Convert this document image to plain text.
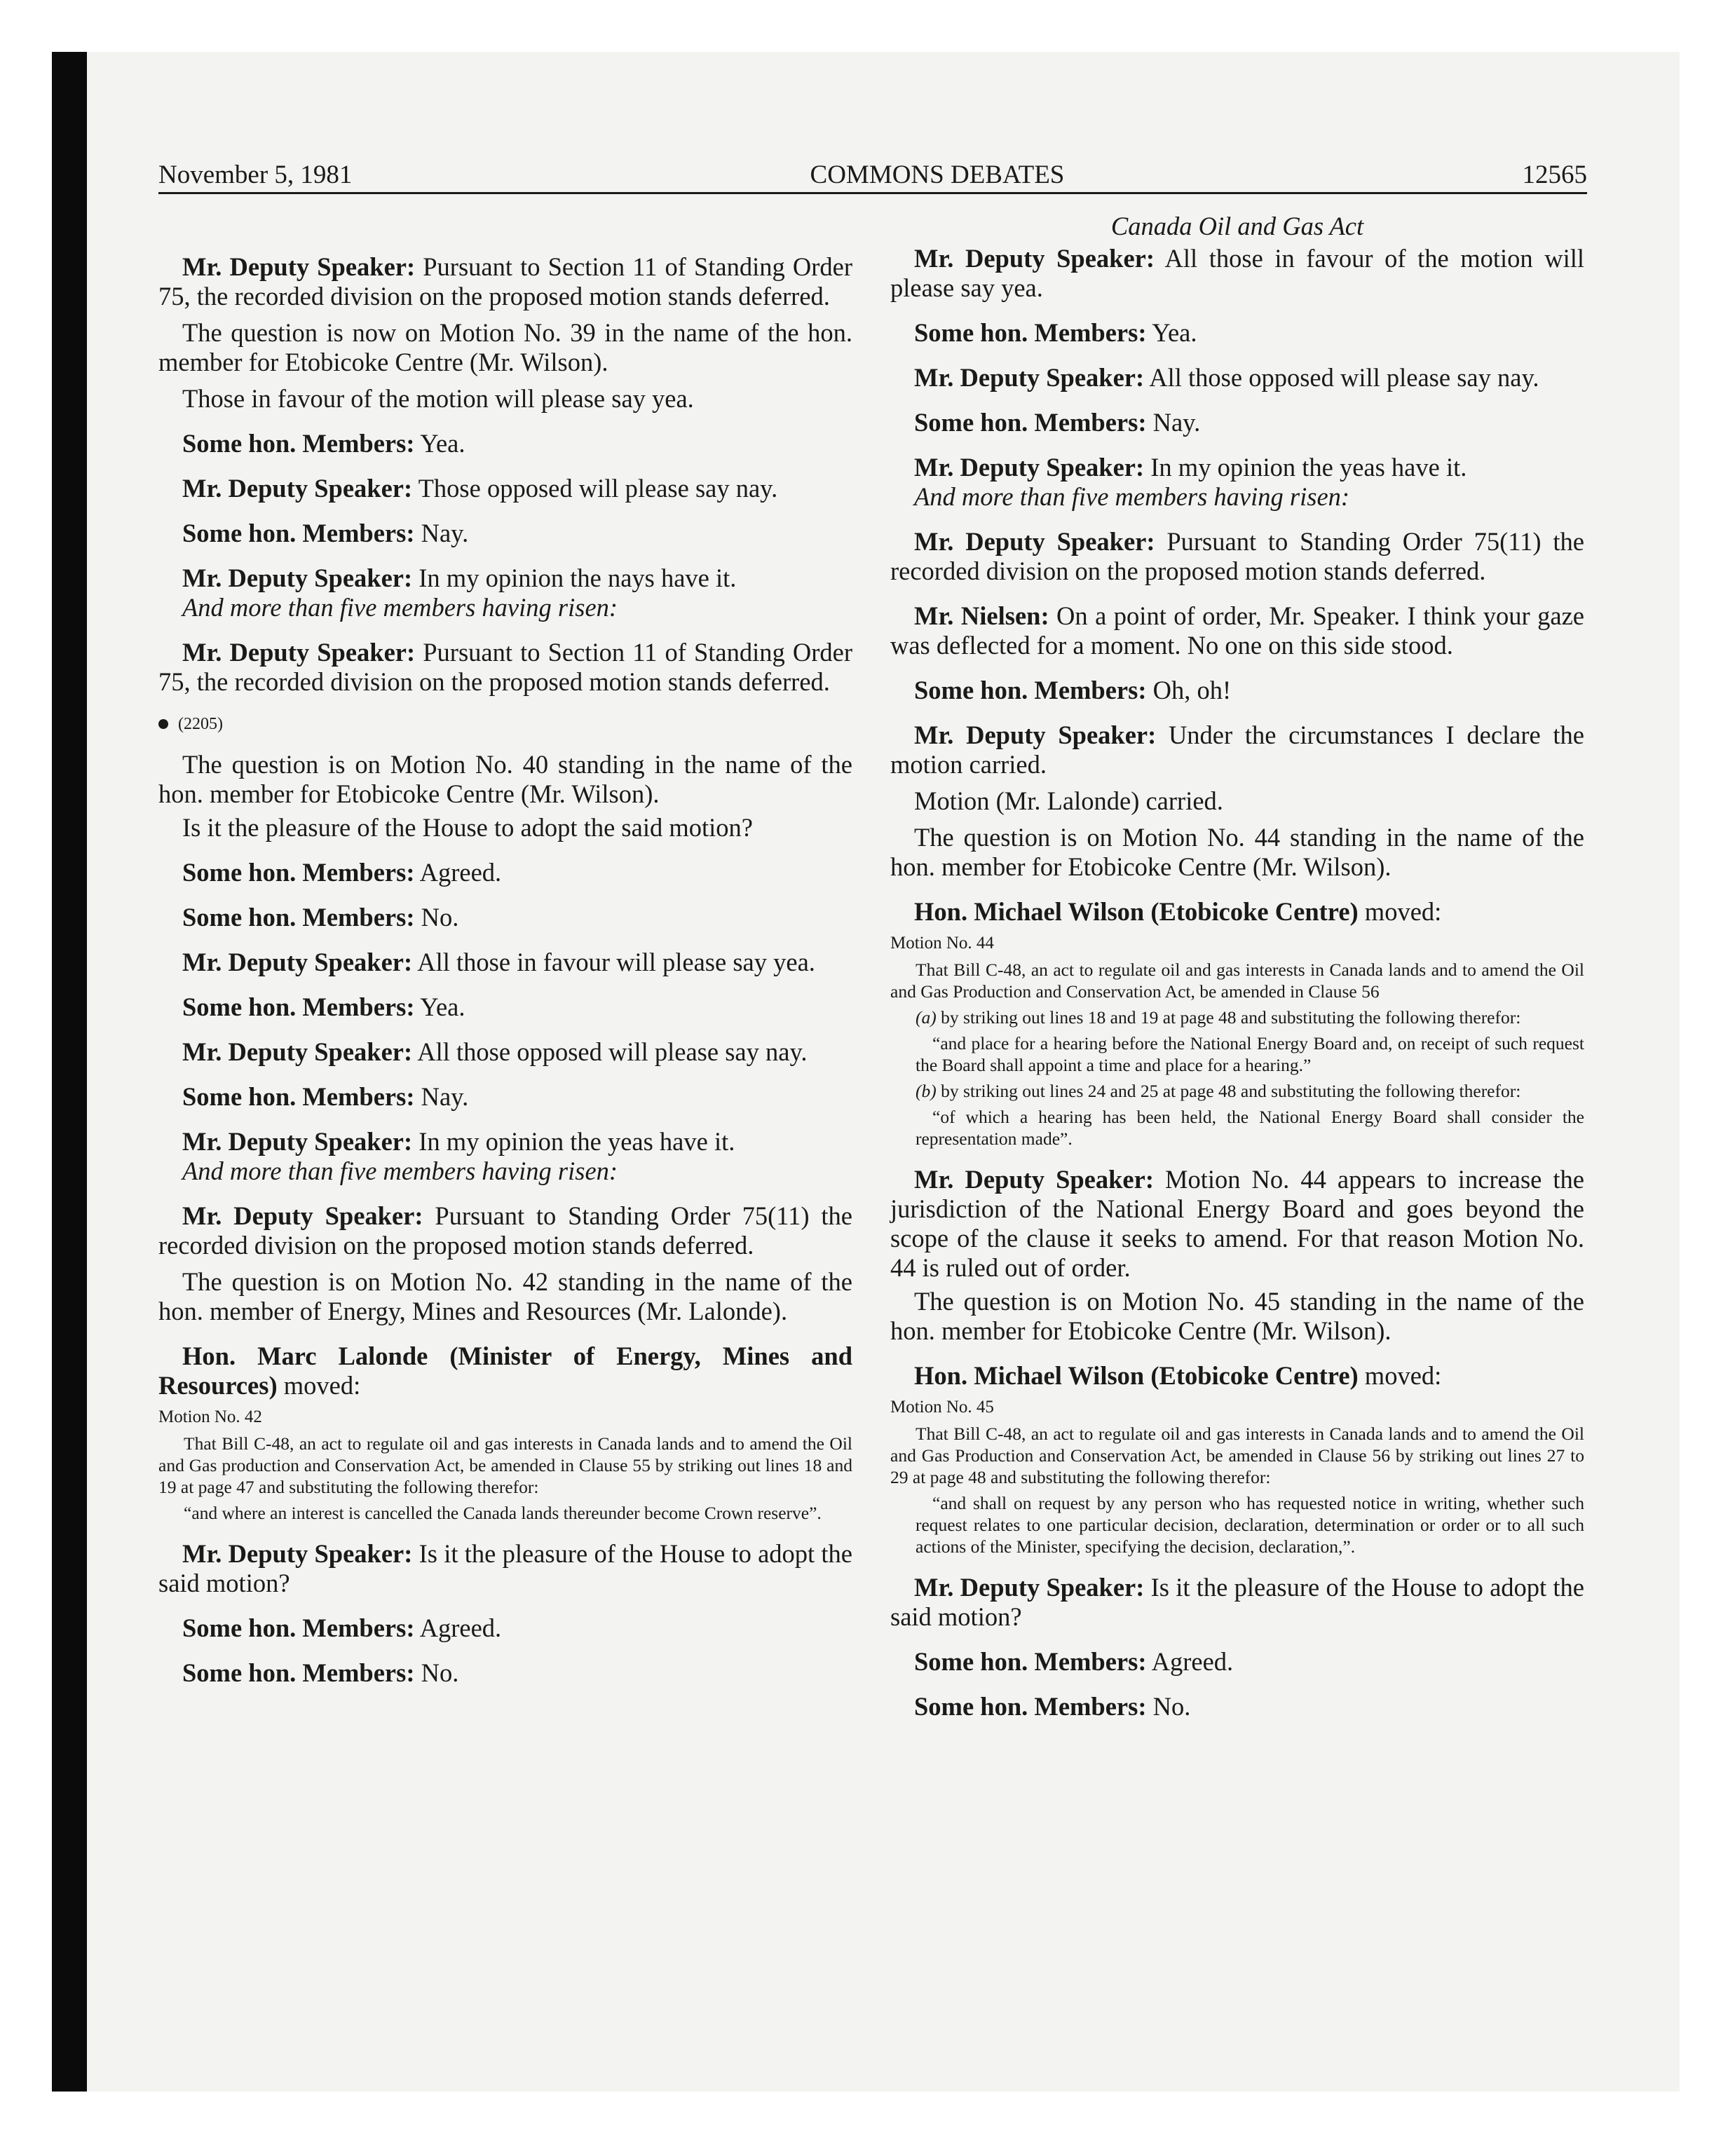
November 5, 1981	COMMONS DEBATES	12565

Mr. Deputy Speaker: Pursuant to Section 11 of Standing Order 75, the recorded division on the proposed motion stands deferred.

The question is now on Motion No. 39 in the name of the hon. member for Etobicoke Centre (Mr. Wilson).

Those in favour of the motion will please say yea.

Some hon. Members: Yea.

Mr. Deputy Speaker: Those opposed will please say nay.

Some hon. Members: Nay.

Mr. Deputy Speaker: In my opinion the nays have it.

And more than five members having risen:

Mr. Deputy Speaker: Pursuant to Section 11 of Standing Order 75, the recorded division on the proposed motion stands deferred.

(2205)

The question is on Motion No. 40 standing in the name of the hon. member for Etobicoke Centre (Mr. Wilson).

Is it the pleasure of the House to adopt the said motion?

Some hon. Members: Agreed.

Some hon. Members: No.

Mr. Deputy Speaker: All those in favour will please say yea.

Some hon. Members: Yea.

Mr. Deputy Speaker: All those opposed will please say nay.

Some hon. Members: Nay.

Mr. Deputy Speaker: In my opinion the yeas have it.

And more than five members having risen:

Mr. Deputy Speaker: Pursuant to Standing Order 75(11) the recorded division on the proposed motion stands deferred.

The question is on Motion No. 42 standing in the name of the hon. member of Energy, Mines and Resources (Mr. Lalonde).

Hon. Marc Lalonde (Minister of Energy, Mines and Resources) moved:

Motion No. 42

That Bill C-48, an act to regulate oil and gas interests in Canada lands and to amend the Oil and Gas production and Conservation Act, be amended in Clause 55 by striking out lines 18 and 19 at page 47 and substituting the following therefor:

“and where an interest is cancelled the Canada lands thereunder become Crown reserve”.

Mr. Deputy Speaker: Is it the pleasure of the House to adopt the said motion?

Some hon. Members: Agreed.

Some hon. Members: No.

Canada Oil and Gas Act

Mr. Deputy Speaker: All those in favour of the motion will please say yea.

Some hon. Members: Yea.

Mr. Deputy Speaker: All those opposed will please say nay.

Some hon. Members: Nay.

Mr. Deputy Speaker: In my opinion the yeas have it.

And more than five members having risen:

Mr. Deputy Speaker: Pursuant to Standing Order 75(11) the recorded division on the proposed motion stands deferred.

Mr. Nielsen: On a point of order, Mr. Speaker. I think your gaze was deflected for a moment. No one on this side stood.

Some hon. Members: Oh, oh!

Mr. Deputy Speaker: Under the circumstances I declare the motion carried.

Motion (Mr. Lalonde) carried.

The question is on Motion No. 44 standing in the name of the hon. member for Etobicoke Centre (Mr. Wilson).

Hon. Michael Wilson (Etobicoke Centre) moved:

Motion No. 44

That Bill C-48, an act to regulate oil and gas interests in Canada lands and to amend the Oil and Gas Production and Conservation Act, be amended in Clause 56

(a) by striking out lines 18 and 19 at page 48 and substituting the following therefor:

“and place for a hearing before the National Energy Board and, on receipt of such request the Board shall appoint a time and place for a hearing.”

(b) by striking out lines 24 and 25 at page 48 and substituting the following therefor:

“of which a hearing has been held, the National Energy Board shall consider the representation made”.

Mr. Deputy Speaker: Motion No. 44 appears to increase the jurisdiction of the National Energy Board and goes beyond the scope of the clause it seeks to amend. For that reason Motion No. 44 is ruled out of order.

The question is on Motion No. 45 standing in the name of the hon. member for Etobicoke Centre (Mr. Wilson).

Hon. Michael Wilson (Etobicoke Centre) moved:

Motion No. 45

That Bill C-48, an act to regulate oil and gas interests in Canada lands and to amend the Oil and Gas Production and Conservation Act, be amended in Clause 56 by striking out lines 27 to 29 at page 48 and substituting the following therefor:

“and shall on request by any person who has requested notice in writing, whether such request relates to one particular decision, declaration, determination or order or to all such actions of the Minister, specifying the decision, declaration,”.

Mr. Deputy Speaker: Is it the pleasure of the House to adopt the said motion?

Some hon. Members: Agreed.

Some hon. Members: No.
